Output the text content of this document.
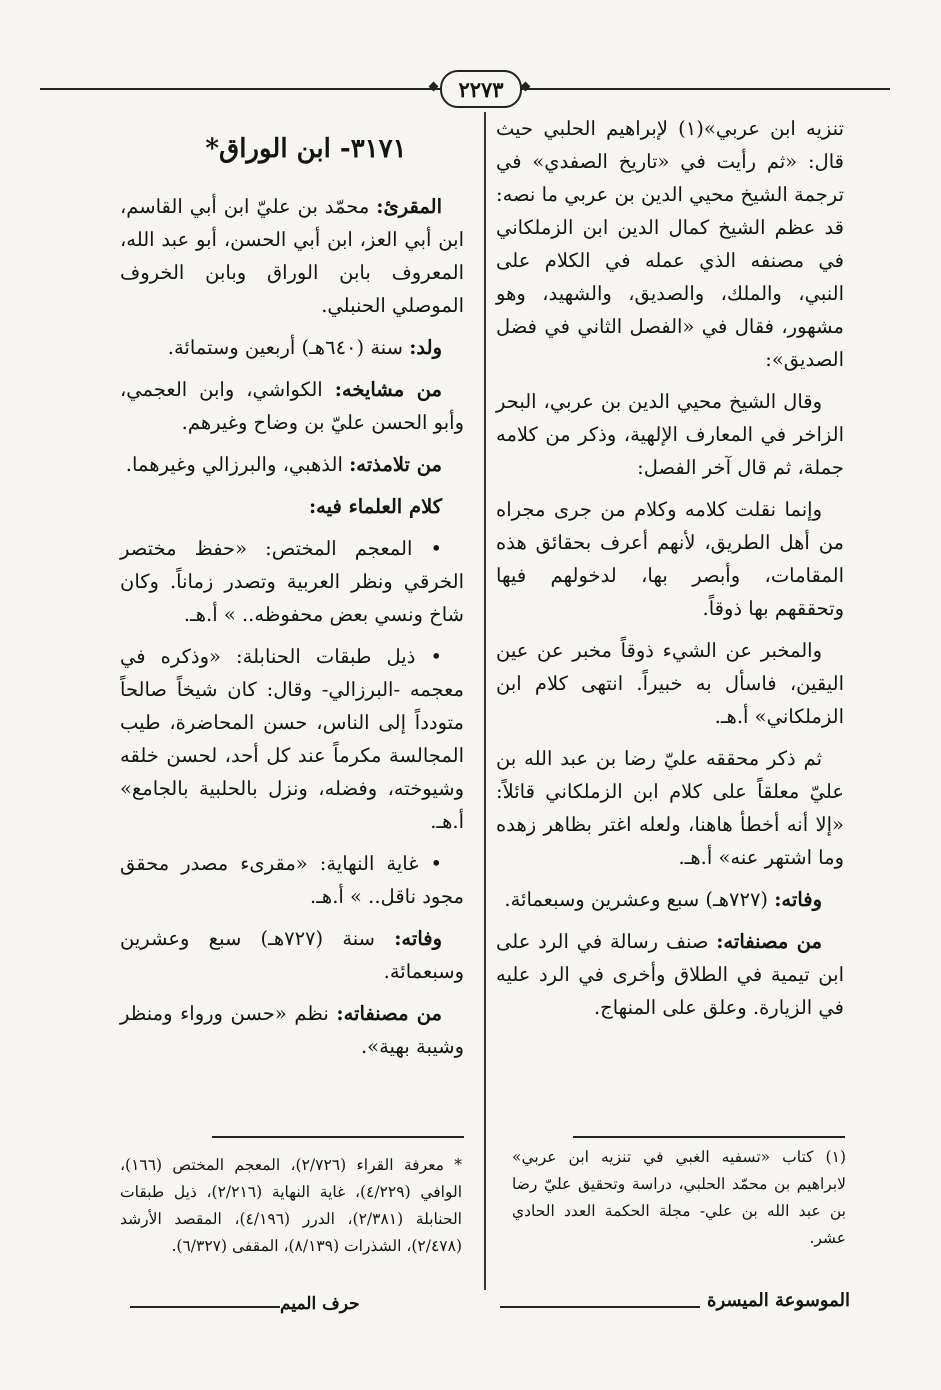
٢٢٧٣

تنزيه ابن عربي»(١) لإبراهيم الحلبي حيث قال: «ثم رأيت في «تاريخ الصفدي» في ترجمة الشيخ محيي الدين بن عربي ما نصه: قد عظم الشيخ كمال الدين ابن الزملكاني في مصنفه الذي عمله في الكلام على النبي، والملك، والصديق، والشهيد، وهو مشهور، فقال في «الفصل الثاني في فضل الصديق»:

وقال الشيخ محيي الدين بن عربي، البحر الزاخر في المعارف الإلهية، وذكر من كلامه جملة، ثم قال آخر الفصل:

وإنما نقلت كلامه وكلام من جرى مجراه من أهل الطريق، لأنهم أعرف بحقائق هذه المقامات، وأبصر بها، لدخولهم فيها وتحققهم بها ذوقاً.

والمخبر عن الشيء ذوقاً مخبر عن عين اليقين، فاسأل به خبيراً. انتهى كلام ابن الزملكاني» أ.هـ.

ثم ذكر محققه عليّ رضا بن عبد الله بن عليّ معلقاً على كلام ابن الزملكاني قائلاً: «إلا أنه أخطأ هاهنا، ولعله اغتر بظاهر زهده وما اشتهر عنه» أ.هـ.

وفاته: (٧٢٧هـ) سبع وعشرين وسبعمائة.

من مصنفاته: صنف رسالة في الرد على ابن تيمية في الطلاق وأخرى في الرد عليه في الزيارة. وعلق على المنهاج.

٣١٧١- ابن الوراق*

المقرئ: محمّد بن عليّ ابن أبي القاسم، ابن أبي العز، ابن أبي الحسن، أبو عبد الله، المعروف بابن الوراق وبابن الخروف الموصلي الحنبلي.

ولد: سنة (٦٤٠هـ) أربعين وستمائة.

من مشايخه: الكواشي، وابن العجمي، وأبو الحسن عليّ بن وضاح وغيرهم.

من تلامذته: الذهبي، والبرزالي وغيرهما.

كلام العلماء فيه:

• المعجم المختص: «حفظ مختصر الخرقي ونظر العربية وتصدر زماناً. وكان شاخ ونسي بعض محفوظه.. » أ.هـ.

• ذيل طبقات الحنابلة: «وذكره في معجمه -البرزالي- وقال: كان شيخاً صالحاً متودداً إلى الناس، حسن المحاضرة، طيب المجالسة مكرماً عند كل أحد، لحسن خلقه وشيوخته، وفضله، ونزل بالحلبية بالجامع» أ.هـ.

• غاية النهاية: «مقرىء مصدر محقق مجود ناقل.. » أ.هـ.

وفاته: سنة (٧٢٧هـ) سبع وعشرين وسبعمائة.

من مصنفاته: نظم «حسن ورواء ومنظر وشيبة بهية».

(١) كتاب «تسفيه الغبي في تنزيه ابن عربي» لابراهيم بن محمّد الحلبي، دراسة وتحقيق عليّ رضا بن عبد الله بن علي- مجلة الحكمة العدد الحادي عشر.
* معرفة القراء (٢/٧٢٦)، المعجم المختص (١٦٦)، الوافي (٤/٢٢٩)، غاية النهاية (٢/٢١٦)، ذيل طبقات الحنابلة (٢/٣٨١)، الدرر (٤/١٩٦)، المقصد الأرشد (٢/٤٧٨)، الشذرات (٨/١٣٩)، المقفى (٦/٣٢٧).
الموسوعة الميسرة
حرف الميم
